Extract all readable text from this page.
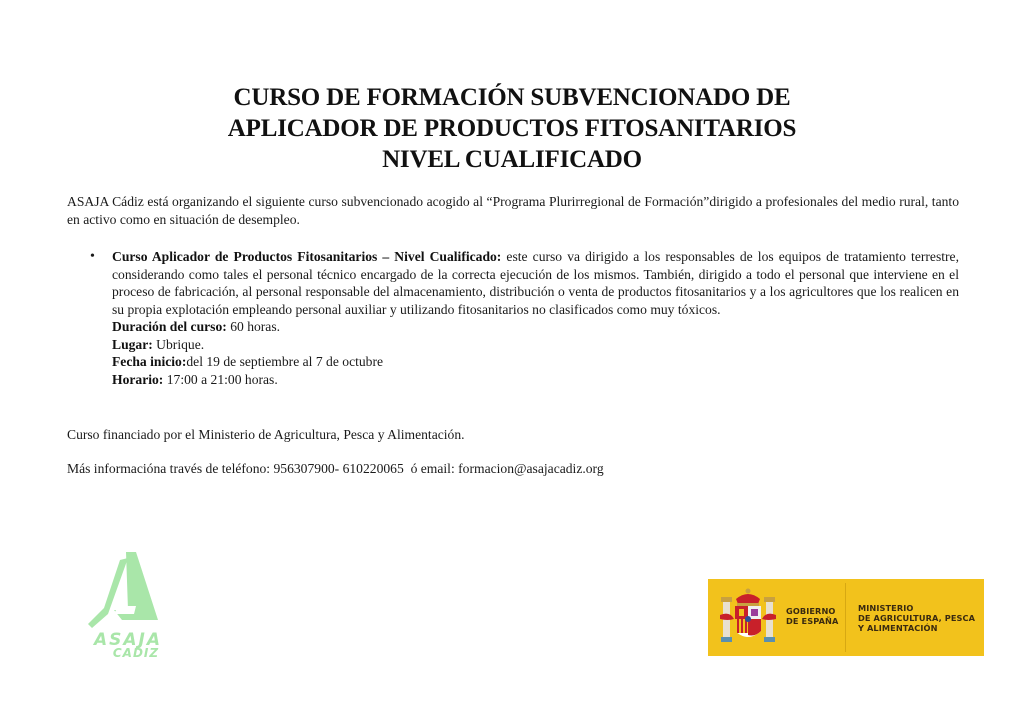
CURSO DE FORMACIÓN SUBVENCIONADO DE
APLICADOR DE PRODUCTOS FITOSANITARIOS
NIVEL CUALIFICADO

ASAJA Cádiz está organizando el siguiente curso subvencionado acogido al “Programa Plurirregional de Formación”dirigido a profesionales del medio rural, tanto en activo como en situación de desempleo.

• Curso Aplicador de Productos Fitosanitarios – Nivel Cualificado: este curso va dirigido a los responsables de los equipos de tratamiento terrestre, considerando como tales el personal técnico encargado de la correcta ejecución de los mismos. También, dirigido a todo el personal que interviene en el proceso de fabricación, al personal responsable del almacenamiento, distribución o venta de productos fitosanitarios y a los agricultores que los realicen en su propia explotación empleando personal auxiliar y utilizando fitosanitarios no clasificados como muy tóxicos.

Duración del curso: 60 horas.

Lugar: Ubrique.

Fecha inicio:del 19 de septiembre al 7 de octubre

Horario: 17:00 a 21:00 horas.

Curso financiado por el Ministerio de Agricultura, Pesca y Alimentación.
Más informacióna través de teléfono: 956307900- 610220065  ó email: formacion@asajacadiz.org
ASAJA
CADIZ
GOBIERNO
DE ESPAÑA
MINISTERIO
DE AGRICULTURA, PESCA
Y ALIMENTACIÓN
